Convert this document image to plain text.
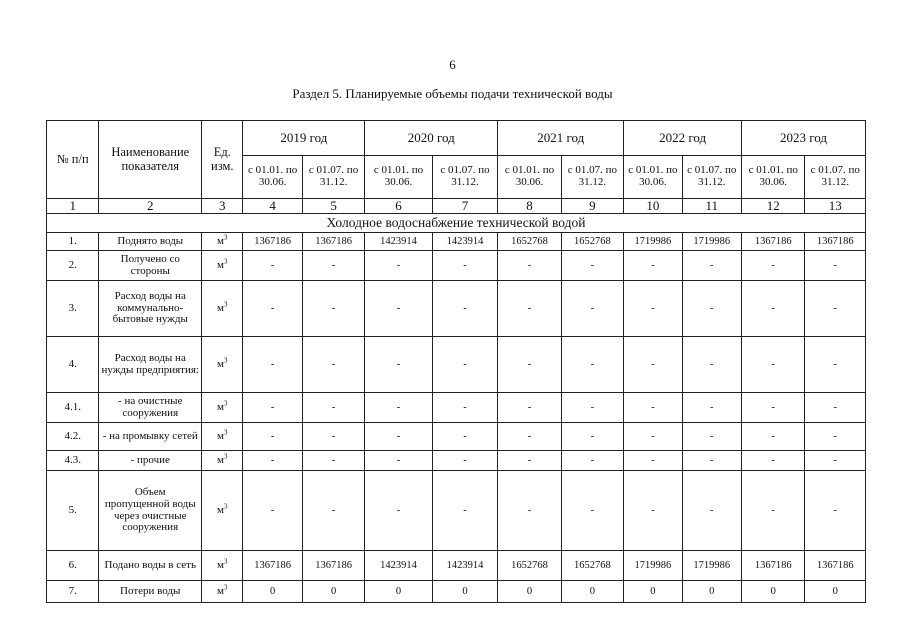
6
Раздел 5. Планируемые объемы подачи технической воды
№ п/п	Наименование показателя	Ед. изм.	2019 год		2020 год		2021 год		2022 год		2023 год	
			с 01.01. по 30.06.	с 01.07. по 31.12.	с 01.01. по 30.06.	с 01.07. по 31.12.	с 01.01. по 30.06.	с 01.07. по 31.12.	с 01.01. по 30.06.	с 01.07. по 31.12.	с 01.01. по 30.06.	с 01.07. по 31.12.
1	2	3	4	5	6	7	8	9	10	11	12	13
Холодное водоснабжение технической водой												
1.	Поднято воды	$м^3$	1367186	1367186	1423914	1423914	1652768	1652768	1719986	1719986	1367186	1367186
2.	Получено со стороны	$м^3$	-	-	-	-	-	-	-	-	-	-
3.	Расход воды на коммунально-бытовые нужды	$м^3$	-	-	-	-	-	-	-	-	-	-
4.	Расход воды на нужды предприятия:	$м^3$	-	-	-	-	-	-	-	-	-	-
4.1.	- на очистные сооружения	$м^3$	-	-	-	-	-	-	-	-	-	-
4.2.	- на промывку сетей	$м^3$	-	-	-	-	-	-	-	-	-	-
4.3.	- прочие	$м^3$	-	-	-	-	-	-	-	-	-	-
5.	Объем пропущенной воды через очистные сооружения	$м^3$	-	-	-	-	-	-	-	-	-	-
6.	Подано воды в сеть	$м^3$	1367186	1367186	1423914	1423914	1652768	1652768	1719986	1719986	1367186	1367186
7.	Потери воды	$м^3$	0	0	0	0	0	0	0	0	0	0
